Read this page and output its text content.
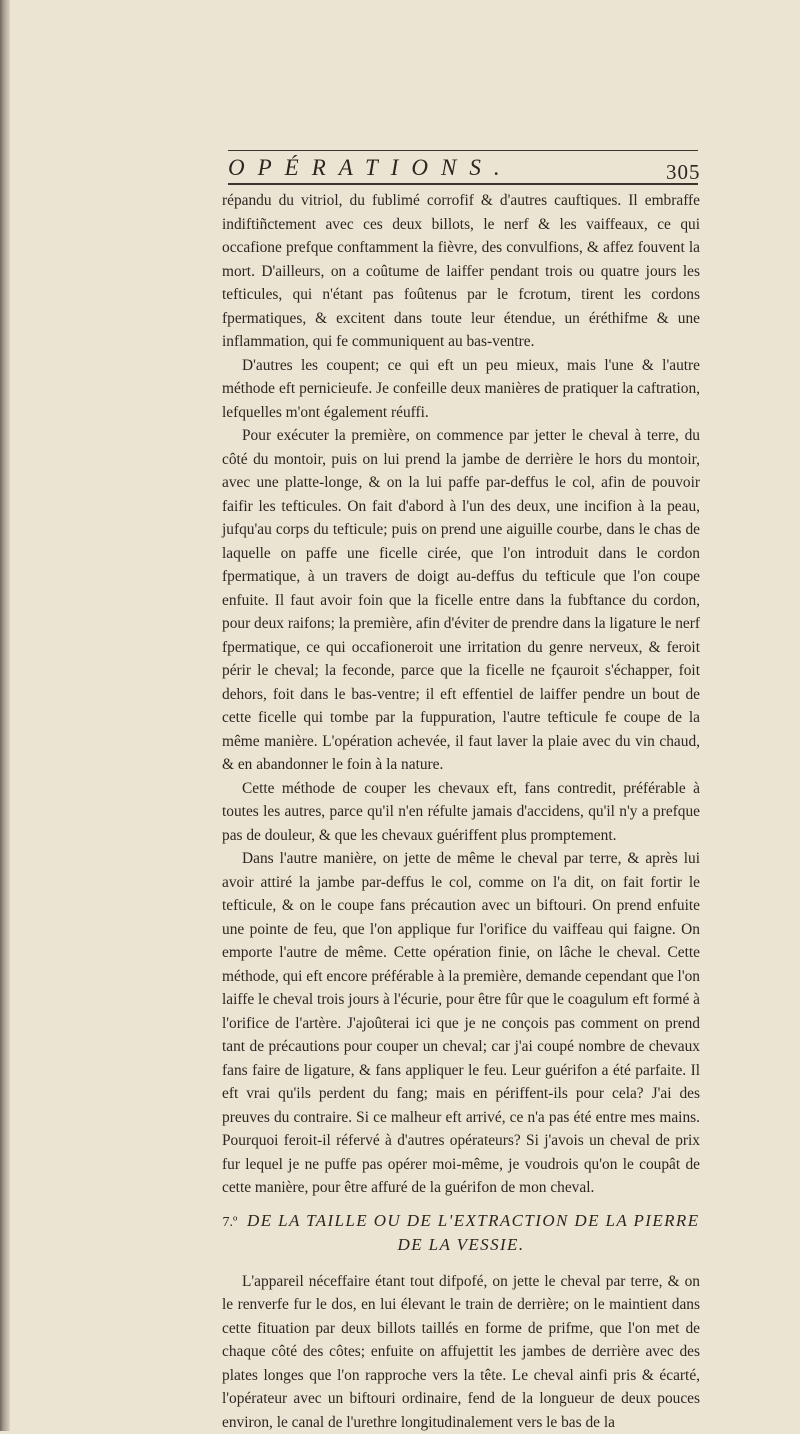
OPÉRATIONS.	305

répandu du vitriol, du fublimé corrofif & d'autres cauftiques. Il embraffe indiftiñctement avec ces deux billots, le nerf & les vaiffeaux, ce qui occafione prefque conftamment la fièvre, des convulfions, & affez fouvent la mort. D'ailleurs, on a coûtume de laiffer pendant trois ou quatre jours les tefticules, qui n'étant pas foûtenus par le fcrotum, tirent les cordons fpermatiques, & excitent dans toute leur étendue, un éréthifme & une inflammation, qui fe communiquent au bas-ventre.

D'autres les coupent; ce qui eft un peu mieux, mais l'une & l'autre méthode eft pernicieufe. Je confeille deux manières de pratiquer la caftration, lefquelles m'ont également réuffi.

Pour exécuter la première, on commence par jetter le cheval à terre, du côté du montoir, puis on lui prend la jambe de derrière le hors du montoir, avec une platte-longe, & on la lui paffe par-deffus le col, afin de pouvoir faifir les tefticules. On fait d'abord à l'un des deux, une incifion à la peau, jufqu'au corps du tefticule; puis on prend une aiguille courbe, dans le chas de laquelle on paffe une ficelle cirée, que l'on introduit dans le cordon fpermatique, à un travers de doigt au-deffus du tefticule que l'on coupe enfuite. Il faut avoir foin que la ficelle entre dans la fubftance du cordon, pour deux raifons; la première, afin d'éviter de prendre dans la ligature le nerf fpermatique, ce qui occafioneroit une irritation du genre nerveux, & feroit périr le cheval; la feconde, parce que la ficelle ne fçauroit s'échapper, foit dehors, foit dans le bas-ventre; il eft effentiel de laiffer pendre un bout de cette ficelle qui tombe par la fuppuration, l'autre tefticule fe coupe de la même manière. L'opération achevée, il faut laver la plaie avec du vin chaud, & en abandonner le foin à la nature.

Cette méthode de couper les chevaux eft, fans contredit, préférable à toutes les autres, parce qu'il n'en réfulte jamais d'accidens, qu'il n'y a prefque pas de douleur, & que les chevaux guériffent plus promptement.

Dans l'autre manière, on jette de même le cheval par terre, & après lui avoir attiré la jambe par-deffus le col, comme on l'a dit, on fait fortir le tefticule, & on le coupe fans précaution avec un biftouri. On prend enfuite une pointe de feu, que l'on applique fur l'orifice du vaiffeau qui faigne. On emporte l'autre de même. Cette opération finie, on lâche le cheval. Cette méthode, qui eft encore préférable à la première, demande cependant que l'on laiffe le cheval trois jours à l'écurie, pour être fûr que le coagulum eft formé à l'orifice de l'artère. J'ajoûterai ici que je ne conçois pas comment on prend tant de précautions pour couper un cheval; car j'ai coupé nombre de chevaux fans faire de ligature, & fans appliquer le feu. Leur guérifon a été parfaite. Il eft vrai qu'ils perdent du fang; mais en périffent-ils pour cela? J'ai des preuves du contraire. Si ce malheur eft arrivé, ce n'a pas été entre mes mains. Pourquoi feroit-il réfervé à d'autres opérateurs? Si j'avois un cheval de prix fur lequel je ne puffe pas opérer moi-même, je voudrois qu'on le coupât de cette manière, pour être affuré de la guérifon de mon cheval.

7.º DE LA TAILLE OU DE L'EXTRACTION DE LA PIERRE DE LA VESSIE.

L'appareil néceffaire étant tout difpofé, on jette le cheval par terre, & on le renverfe fur le dos, en lui élevant le train de derrière; on le maintient dans cette fituation par deux billots taillés en forme de prifme, que l'on met de chaque côté des côtes; enfuite on affujettit les jambes de derrière avec des plates longes que l'on rapproche vers la tête. Le cheval ainfi pris & écarté, l'opérateur avec un biftouri ordinaire, fend de la longueur de deux pouces environ, le canal de l'urethre longitudinalement vers le bas de la
